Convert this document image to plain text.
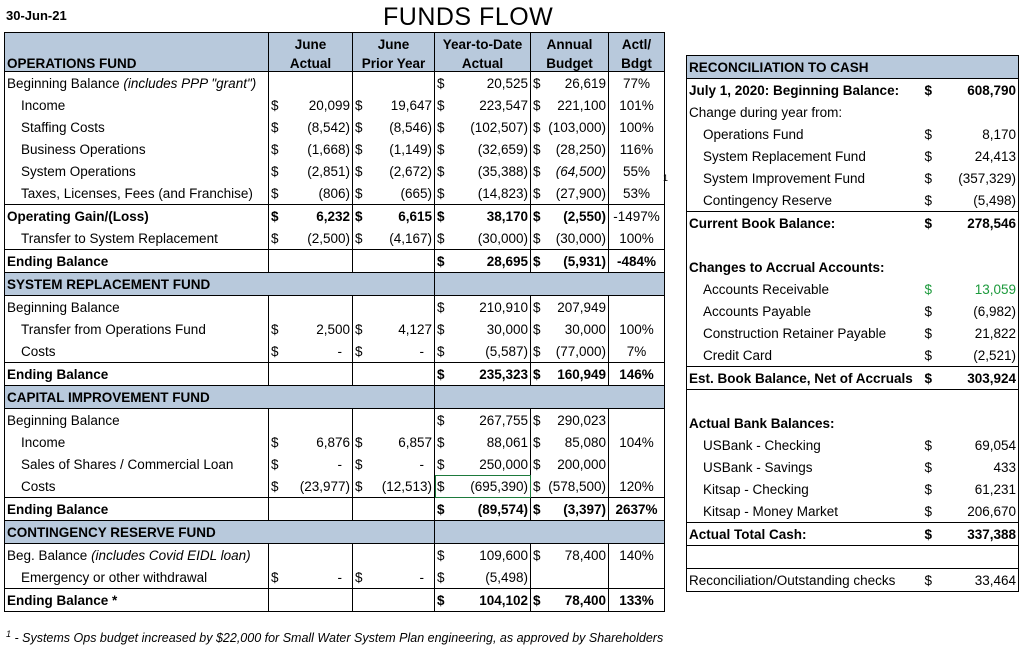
30-Jun-21	FUNDS FLOW
1
	June	June	Year-to-Date	Annual	Actl/
OPERATIONS FUND	Actual	Prior Year	Actual	Budget	Bdgt
Beginning Balance (includes PPP "grant")			$ 20,525	$ 26,619	77%
Income	$ 20,099	$ 19,647	$ 223,547	$ 221,100	101%
Staffing Costs	$ (8,542)	$ (8,546)	$ (102,507)	$ (103,000)	100%
Business Operations	$ (1,668)	$ (1,149)	$ (32,659)	$ (28,250)	116%
System Operations	$ (2,851)	$ (2,672)	$ (35,388)	$ (64,500)	55%
Taxes, Licenses, Fees (and Franchise)	$ (806)	$ (665)	$ (14,823)	$ (27,900)	53%
Operating Gain/(Loss)	$ 6,232	$ 6,615	$ 38,170	$ (2,550)	-1497%
Transfer to System Replacement	$ (2,500)	$ (4,167)	$ (30,000)	$ (30,000)	100%
Ending Balance			$ 28,695	$ (5,931)	-484%
SYSTEM REPLACEMENT FUND					
Beginning Balance			$ 210,910	$ 207,949	

Transfer from Operations Fund	$ 2,500	$ 4,127	$ 30,000	$ 30,000	100%
Costs	$ -	$ -	$ (5,587)	$ (77,000)	7%
Ending Balance			$ 235,323	$ 160,949	146%
CAPITAL IMPROVEMENT FUND					
Beginning Balance			$ 267,755	$ 290,023	

Income	$ 6,876	$ 6,857	$ 88,061	$ 85,080	104%
Sales of Shares / Commercial Loan	$ -	$ -	$ 250,000	$ 200,000	

Costs	$ (23,977)	$ (12,513)	$ (695,390)	$ (578,500)	120%
Ending Balance			$ (89,574)	$ (3,397)	2637%
CONTINGENCY RESERVE FUND					
Beg. Balance (includes Covid EIDL loan)			$ 109,600	$ 78,400	140%
Emergency or other withdrawal	$ -	$ -	$ (5,498)		

Ending Balance *			$ 104,102	$ 78,400	133%
RECONCILIATION TO CASH		
July 1, 2020: Beginning Balance:	$	608,790
Change during year from:		
Operations Fund	$	8,170
System Replacement Fund	$	24,413
System Improvement Fund	$	(357,329)
Contingency Reserve	$	(5,498)
Current Book Balance:	$	278,546

Changes to Accrual Accounts:		
Accounts Receivable	$	13,059
Accounts Payable	$	(6,982)
Construction Retainer Payable	$	21,822
Credit Card	$	(2,521)
Est. Book Balance, Net of Accruals	$	303,924

Actual Bank Balances:		
USBank - Checking	$	69,054
USBank - Savings	$	433
Kitsap - Checking	$	61,231
Kitsap - Money Market	$	206,670
Actual Total Cash:	$	337,388

Reconciliation/Outstanding checks	$	33,464
$^1$ - Systems Ops budget increased by $22,000 for Small Water System Plan engineering, as approved by Shareholders
